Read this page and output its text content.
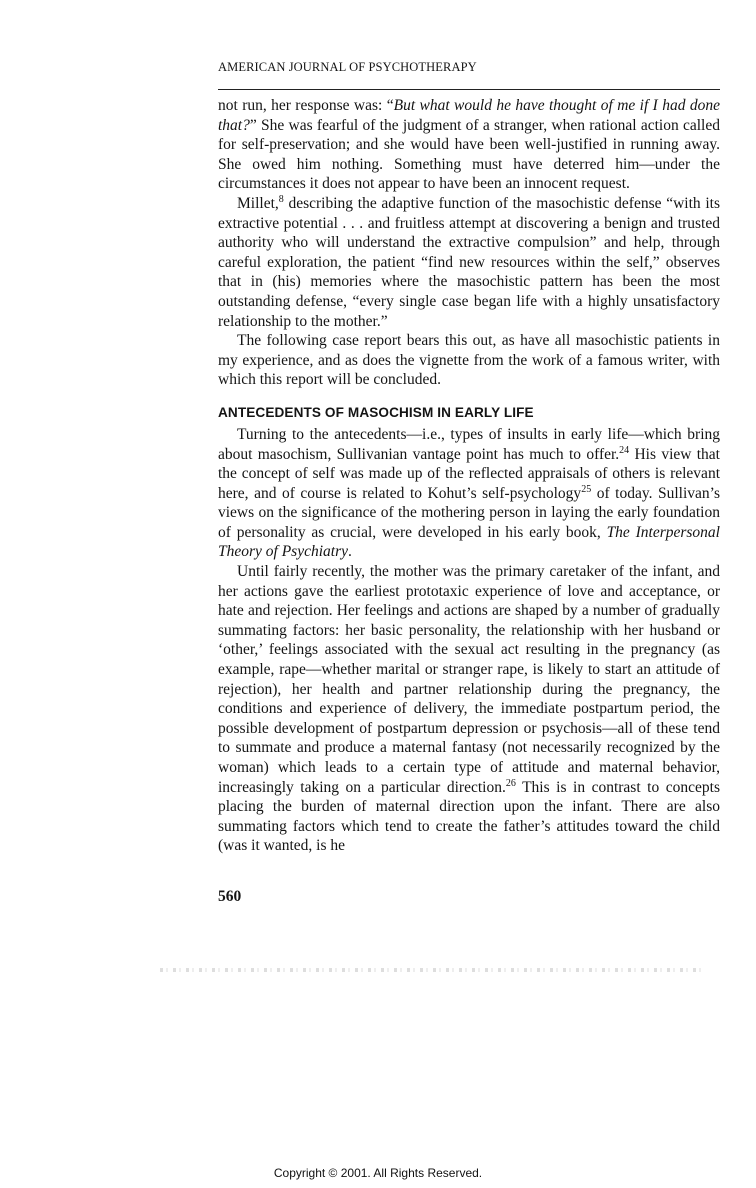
AMERICAN JOURNAL OF PSYCHOTHERAPY

not run, her response was: “But what would he have thought of me if I had done that?” She was fearful of the judgment of a stranger, when rational action called for self-preservation; and she would have been well-justified in running away. She owed him nothing. Something must have deterred him—under the circumstances it does not appear to have been an innocent request.

Millet,$^8$ describing the adaptive function of the masochistic defense “with its extractive potential . . . and fruitless attempt at discovering a benign and trusted authority who will understand the extractive compulsion” and help, through careful exploration, the patient “find new resources within the self,” observes that in (his) memories where the masochistic pattern has been the most outstanding defense, “every single case began life with a highly unsatisfactory relationship to the mother.”

The following case report bears this out, as have all masochistic patients in my experience, and as does the vignette from the work of a famous writer, with which this report will be concluded.

ANTECEDENTS OF MASOCHISM IN EARLY LIFE

Turning to the antecedents—i.e., types of insults in early life—which bring about masochism, Sullivanian vantage point has much to offer.$^{24}$ His view that the concept of self was made up of the reflected appraisals of others is relevant here, and of course is related to Kohut’s self-psychology$^{25}$ of today. Sullivan’s views on the significance of the mothering person in laying the early foundation of personality as crucial, were developed in his early book, The Interpersonal Theory of Psychiatry.

Until fairly recently, the mother was the primary caretaker of the infant, and her actions gave the earliest prototaxic experience of love and acceptance, or hate and rejection. Her feelings and actions are shaped by a number of gradually summating factors: her basic personality, the relationship with her husband or ‘other,’ feelings associated with the sexual act resulting in the pregnancy (as example, rape—whether marital or stranger rape, is likely to start an attitude of rejection), her health and partner relationship during the pregnancy, the conditions and experience of delivery, the immediate postpartum period, the possible development of postpartum depression or psychosis—all of these tend to summate and produce a maternal fantasy (not necessarily recognized by the woman) which leads to a certain type of attitude and maternal behavior, increasingly taking on a particular direction.$^{26}$ This is in contrast to concepts placing the burden of maternal direction upon the infant. There are also summating factors which tend to create the father’s attitudes toward the child (was it wanted, is he

560
Copyright © 2001. All Rights Reserved.
